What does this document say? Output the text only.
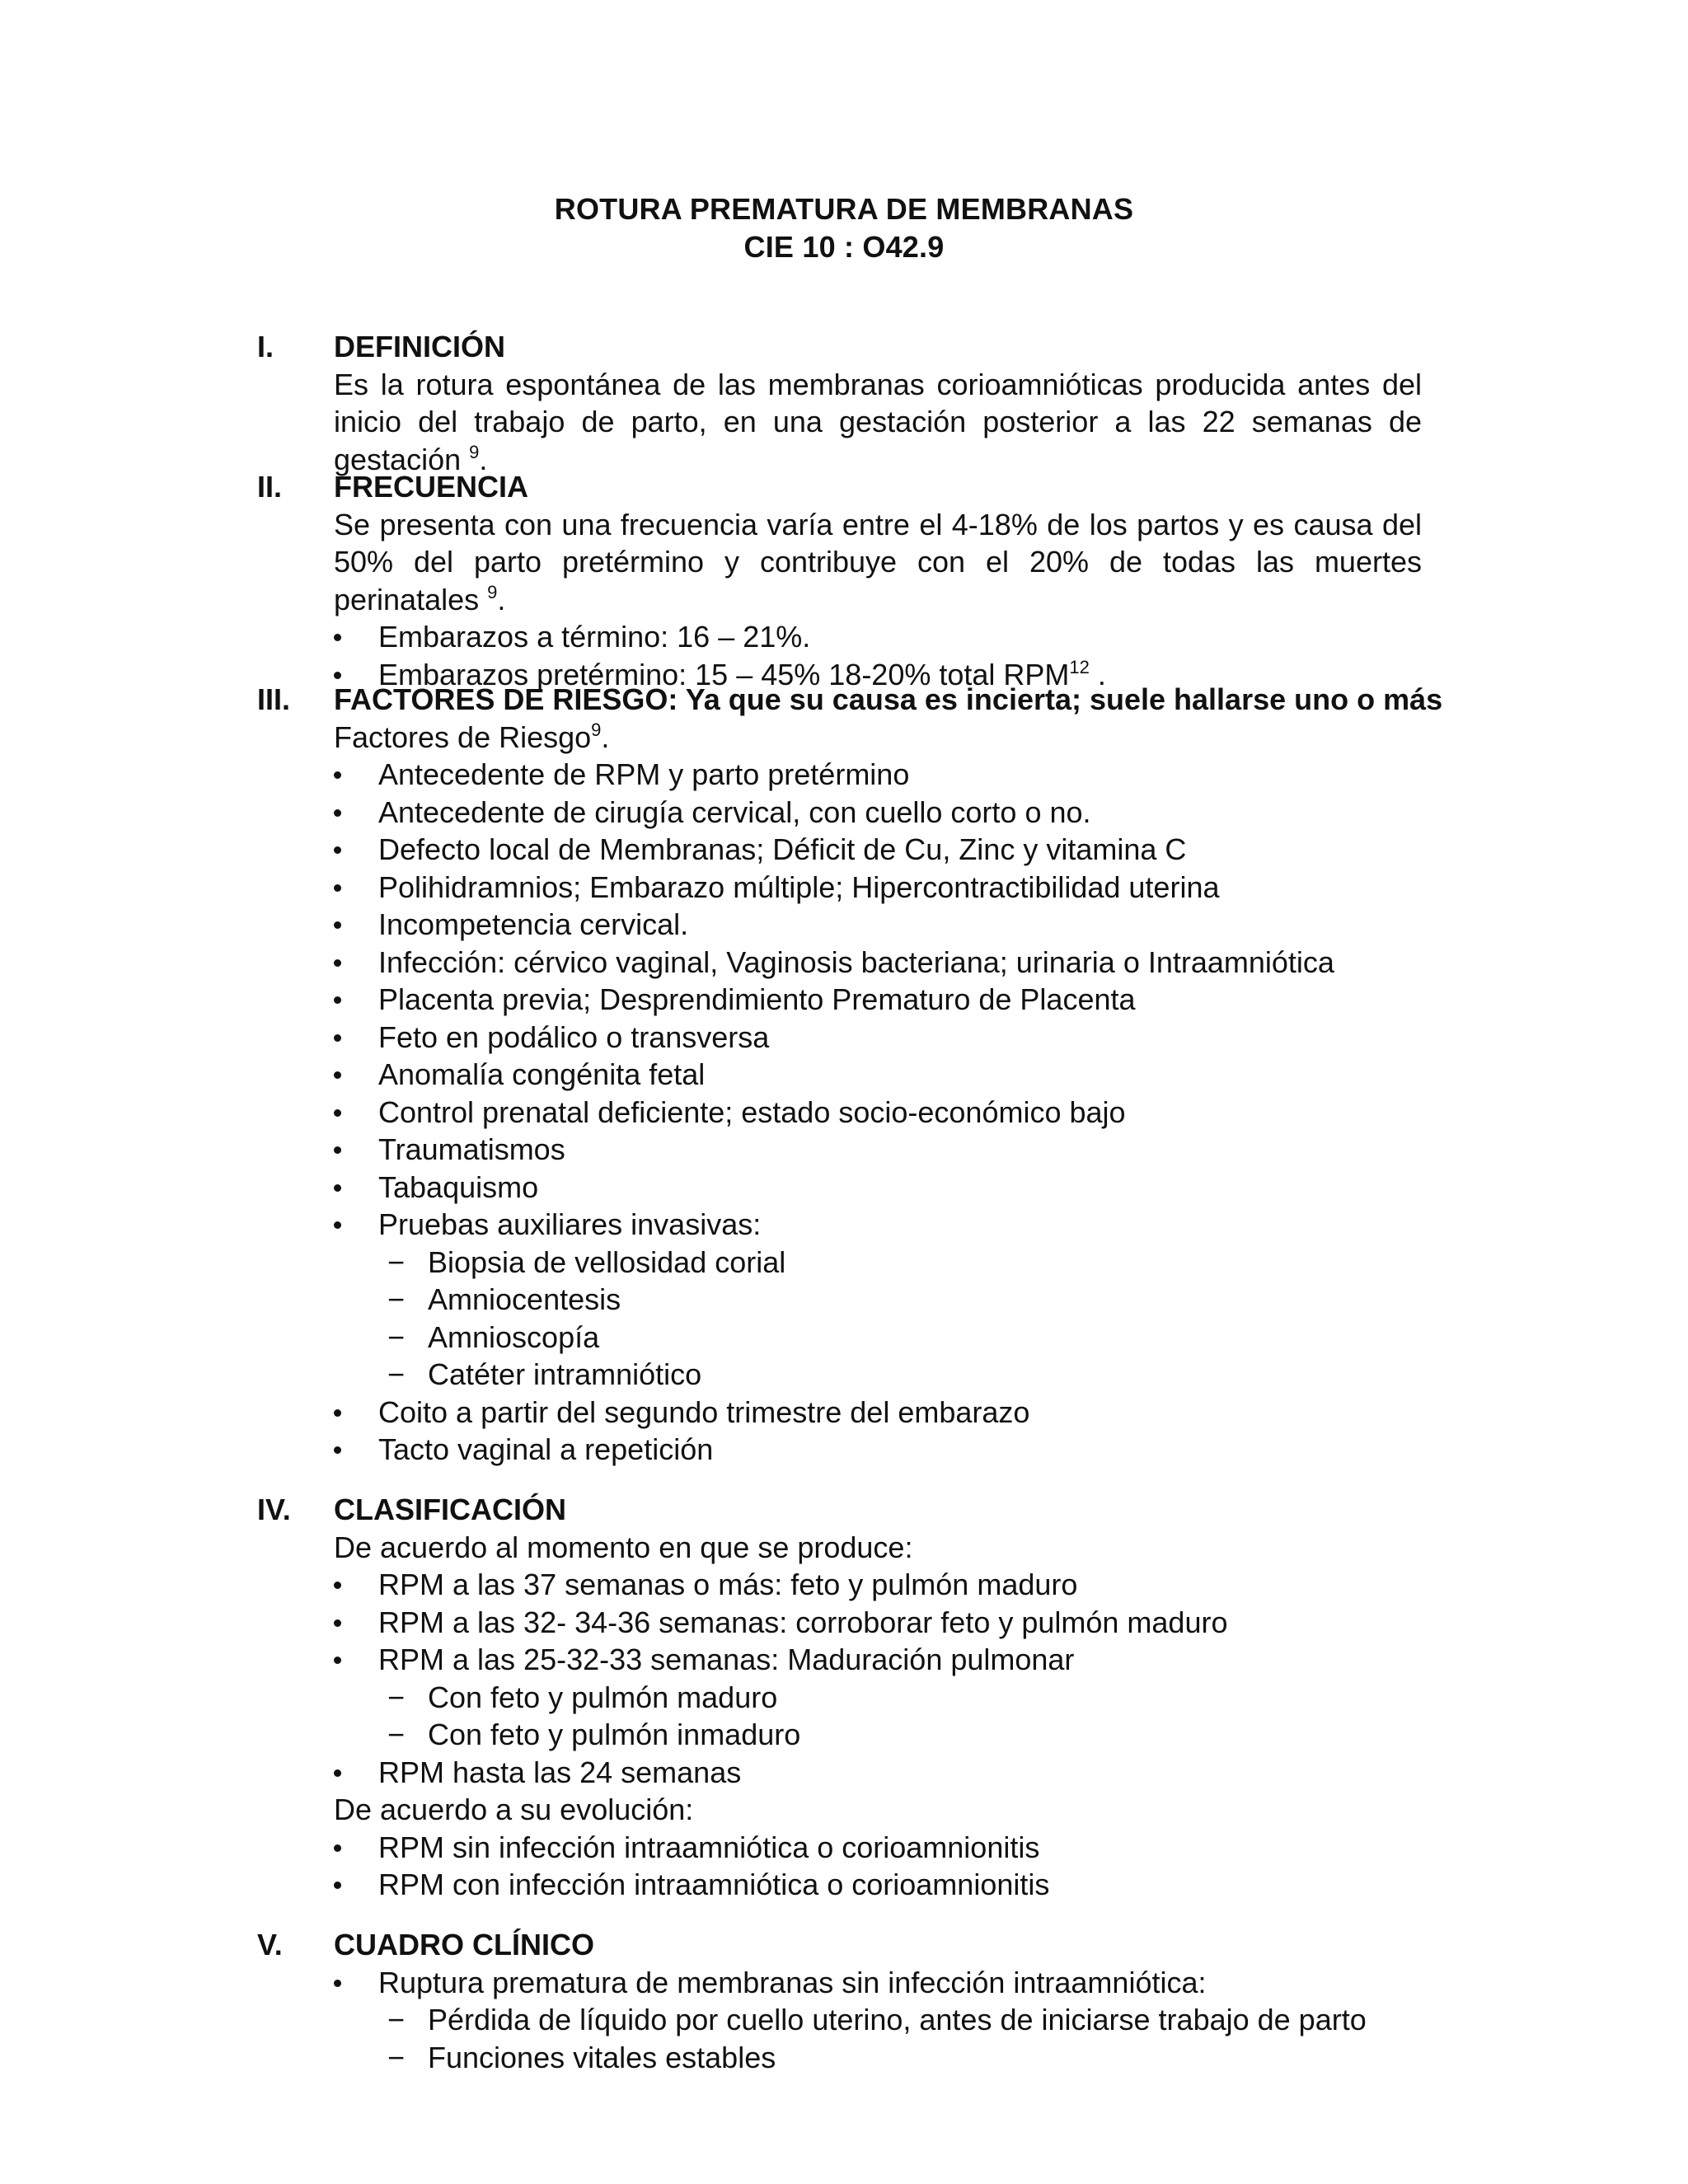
ROTURA PREMATURA DE MEMBRANAS
CIE 10 : O42.9
I. DEFINICIÓN
Es la rotura espontánea de las membranas corioamnióticas producida antes del inicio del trabajo de parto, en una gestación posterior a las 22 semanas de gestación $^9$.
II. FRECUENCIA
Se presenta con una frecuencia varía entre el 4-18% de los partos y es causa del 50% del parto pretérmino y contribuye con el 20% de todas las muertes perinatales $^9$.
Embarazos a término: 16 – 21%.
Embarazos pretérmino: 15 – 45% 18-20% total RPM$^{12}$ .
III. FACTORES DE RIESGO: Ya que su causa es incierta; suele hallarse uno o más
Factores de Riesgo$^9$.
Antecedente de RPM y parto pretérmino
Antecedente de cirugía cervical, con cuello corto o no.
Defecto local de Membranas; Déficit de Cu, Zinc y vitamina C
Polihidramnios; Embarazo múltiple; Hipercontractibilidad uterina
Incompetencia cervical.
Infección: cérvico vaginal, Vaginosis bacteriana; urinaria o Intraamniótica
Placenta previa; Desprendimiento Prematuro de Placenta
Feto en podálico o transversa
Anomalía congénita fetal
Control prenatal deficiente; estado socio-económico bajo
Traumatismos
Tabaquismo
Pruebas auxiliares invasivas:
− Biopsia de vellosidad corial
− Amniocentesis
− Amnioscopía
− Catéter intramniótico
Coito a partir del segundo trimestre del embarazo
Tacto vaginal a repetición
IV. CLASIFICACIÓN
De acuerdo al momento en que se produce:
RPM a las 37 semanas o más: feto y pulmón maduro
RPM a las 32- 34-36 semanas: corroborar feto y pulmón maduro
RPM a las 25-32-33 semanas: Maduración pulmonar
− Con feto y pulmón maduro
− Con feto y pulmón inmaduro
RPM hasta las 24 semanas
De acuerdo a su evolución:
RPM sin infección intraamniótica o corioamnionitis
RPM con infección intraamniótica o corioamnionitis
V. CUADRO CLÍNICO
Ruptura prematura de membranas sin infección intraamniótica:
− Pérdida de líquido por cuello uterino, antes de iniciarse trabajo de parto
− Funciones vitales estables
